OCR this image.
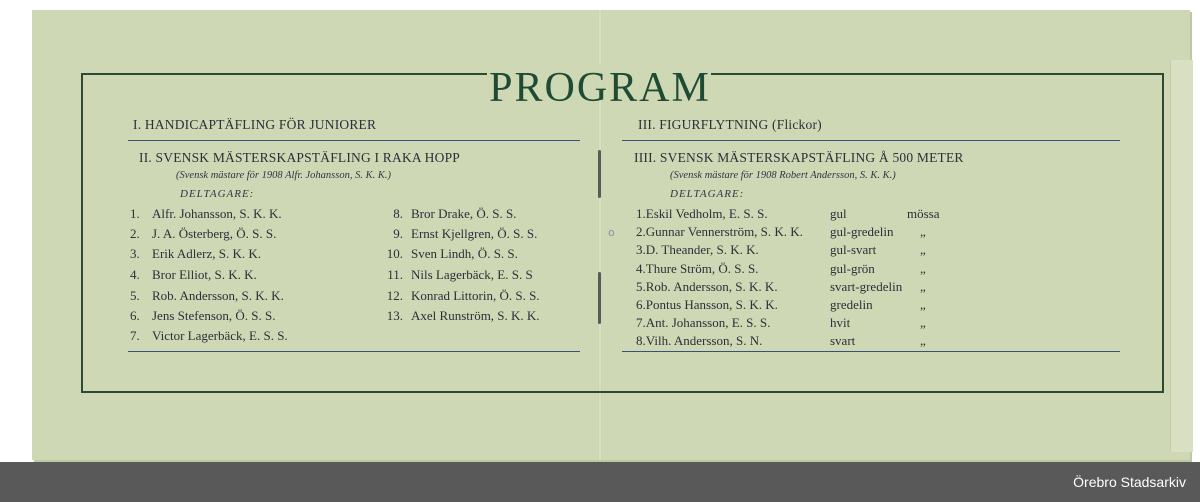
o
PROGRAM
I. HANDICAPTÄFLING FÖR JUNIORER
II. SVENSK MÄSTERSKAPSTÄFLING I RAKA HOPP
(Svensk mästare för 1908 Alfr. Johansson, S. K. K.)
DELTAGARE:
1. Alfr. Johansson, S. K. K.
2. J. A. Österberg, Ö. S. S.
3. Erik Adlerz, S. K. K.
4. Bror Elliot, S. K. K.
5. Rob. Andersson, S. K. K.
6. Jens Stefenson, Ö. S. S.
7. Victor Lagerbäck, E. S. S.
8. Bror Drake, Ö. S. S.
9. Ernst Kjellgren, Ö. S. S.
10. Sven Lindh, Ö. S. S.
11. Nils Lagerbäck, E. S. S
12. Konrad Littorin, Ö. S. S.
13. Axel Runström, S. K. K.
III. FIGURFLYTNING (Flickor)
IIII. SVENSK MÄSTERSKAPSTÄFLING Å 500 METER
(Svensk mästare för 1908 Robert Andersson, S. K. K.)
DELTAGARE:
1.Eskil Vedholm, E. S. S.	gul	mössa
2.Gunnar Vennerström, S. K. K. gul-gredelin „
3.D. Theander, S. K. K.	gul-svart	„
4.Thure Ström, Ö. S. S.	gul-grön	„
5.Rob. Andersson, S. K. K.	svart-gredelin „
6.Pontus Hansson, S. K. K.	gredelin	„
7.Ant. Johansson, E. S. S.	hvit	„
8.Vilh. Andersson, S. N.	svart	„
Örebro Stadsarkiv
